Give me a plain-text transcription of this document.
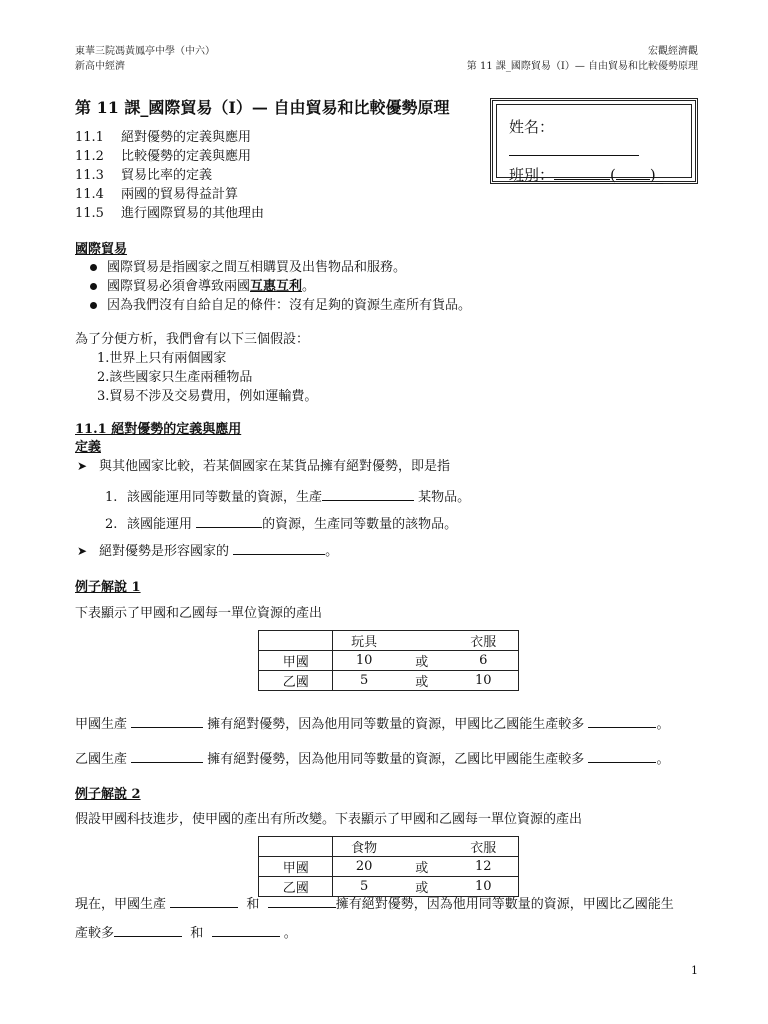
東華三院馮黃鳳亭中學（中六）
新高中經濟
宏觀經濟觀
第 11 課_國際貿易（I）— 自由貿易和比較優勢原理
第 11 課_國際貿易（I）— 自由貿易和比較優勢原理
11.1 絕對優勢的定義與應用
11.2 比較優勢的定義與應用
11.3 貿易比率的定義
11.4 兩國的貿易得益計算
11.5 進行國際貿易的其他理由
姓名：
班別：	( )_
國際貿易
國際貿易是指國家之間互相購買及出售物品和服務。
國際貿易必須會導致兩國互惠互利。
因為我們沒有自給自足的條件：沒有足夠的資源生產所有貨品。
為了分便方析，我們會有以下三個假設：
1.世界上只有兩個國家
2.該些國家只生產兩種物品
3.貿易不涉及交易費用，例如運輸費。
11.1 絕對優勢的定義與應用
定義
➤ 與其他國家比較，若某個國家在某貨品擁有絕對優勢，即是指
1. 該國能運用同等數量的資源，生產	某物品。
2. 該國能運用	的資源，生產同等數量的該物品。
➤ 絕對優勢是形容國家的	。
例子解說 1
下表顯示了甲國和乙國每一單位資源的產出
	玩具		衣服
甲國	10	或	6
乙國	5	或	10
甲國生產	擁有絕對優勢，因為他用同等數量的資源，甲國比乙國能生產較多	。
乙國生產	擁有絕對優勢，因為他用同等數量的資源，乙國比甲國能生產較多	。
例子解說 2
假設甲國科技進步，使甲國的產出有所改變。下表顯示了甲國和乙國每一單位資源的產出
	食物		衣服
甲國	20	或	12
乙國	5	或	10
現在，甲國生產	和	擁有絕對優勢，因為他用同等數量的資源，甲國比乙國能生
產較多	和	。
1
